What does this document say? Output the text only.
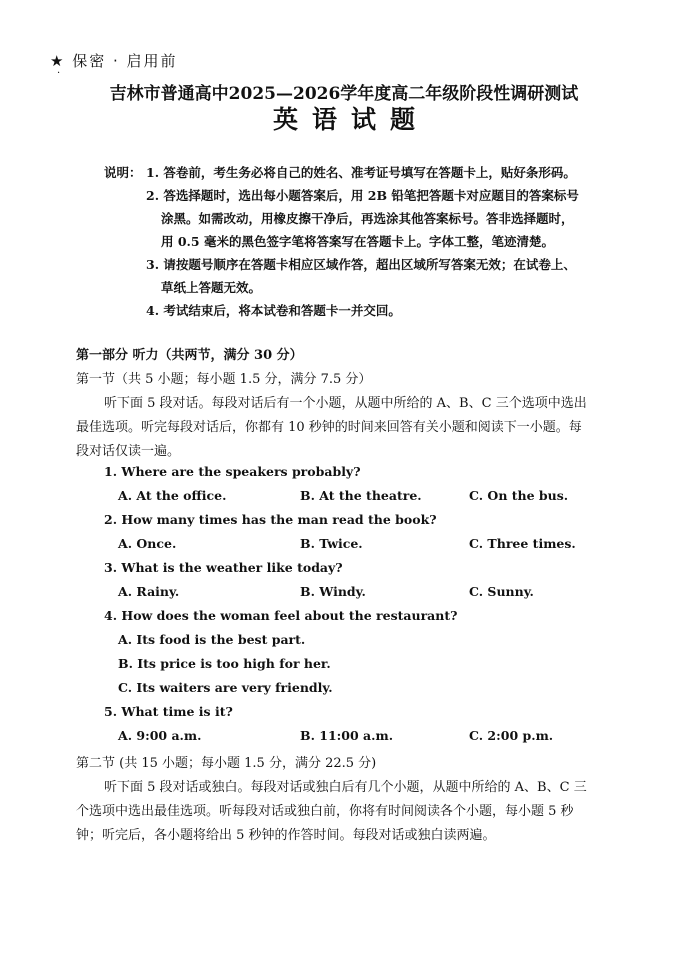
★ 保密 · 启用前
·
吉林市普通高中2025—2026学年度高二年级阶段性调研测试
英语试题
说明： 1. 答卷前，考生务必将自己的姓名、准考证号填写在答题卡上，贴好条形码。
2. 答选择题时，选出每小题答案后，用 2B 铅笔把答题卡对应题目的答案标号
涂黑。如需改动，用橡皮擦干净后，再选涂其他答案标号。答非选择题时，
用 0.5 毫米的黑色签字笔将答案写在答题卡上。字体工整，笔迹清楚。
3. 请按题号顺序在答题卡相应区域作答，超出区域所写答案无效；在试卷上、
草纸上答题无效。
4. 考试结束后，将本试卷和答题卡一并交回。
第一部分 听力（共两节，满分 30 分）
第一节（共 5 小题；每小题 1.5 分，满分 7.5 分）
听下面 5 段对话。每段对话后有一个小题，从题中所给的 A、B、C 三个选项中选出
最佳选项。听完每段对话后，你都有 10 秒钟的时间来回答有关小题和阅读下一小题。每
段对话仅读一遍。
1. Where are the speakers probably?
A. At the office.	B. At the theatre.	C. On the bus.
2. How many times has the man read the book?
A. Once.	B. Twice.	C. Three times.
3. What is the weather like today?
A. Rainy.	B. Windy.	C. Sunny.
4. How does the woman feel about the restaurant?
A. Its food is the best part.
B. Its price is too high for her.
C. Its waiters are very friendly.
5. What time is it?
A. 9:00 a.m.	B. 11:00 a.m.	C. 2:00 p.m.
第二节 (共 15 小题；每小题 1.5 分，满分 22.5 分)
听下面 5 段对话或独白。每段对话或独白后有几个小题，从题中所给的 A、B、C 三
个选项中选出最佳选项。听每段对话或独白前，你将有时间阅读各个小题，每小题 5 秒
钟；听完后，各小题将给出 5 秒钟的作答时间。每段对话或独白读两遍。
